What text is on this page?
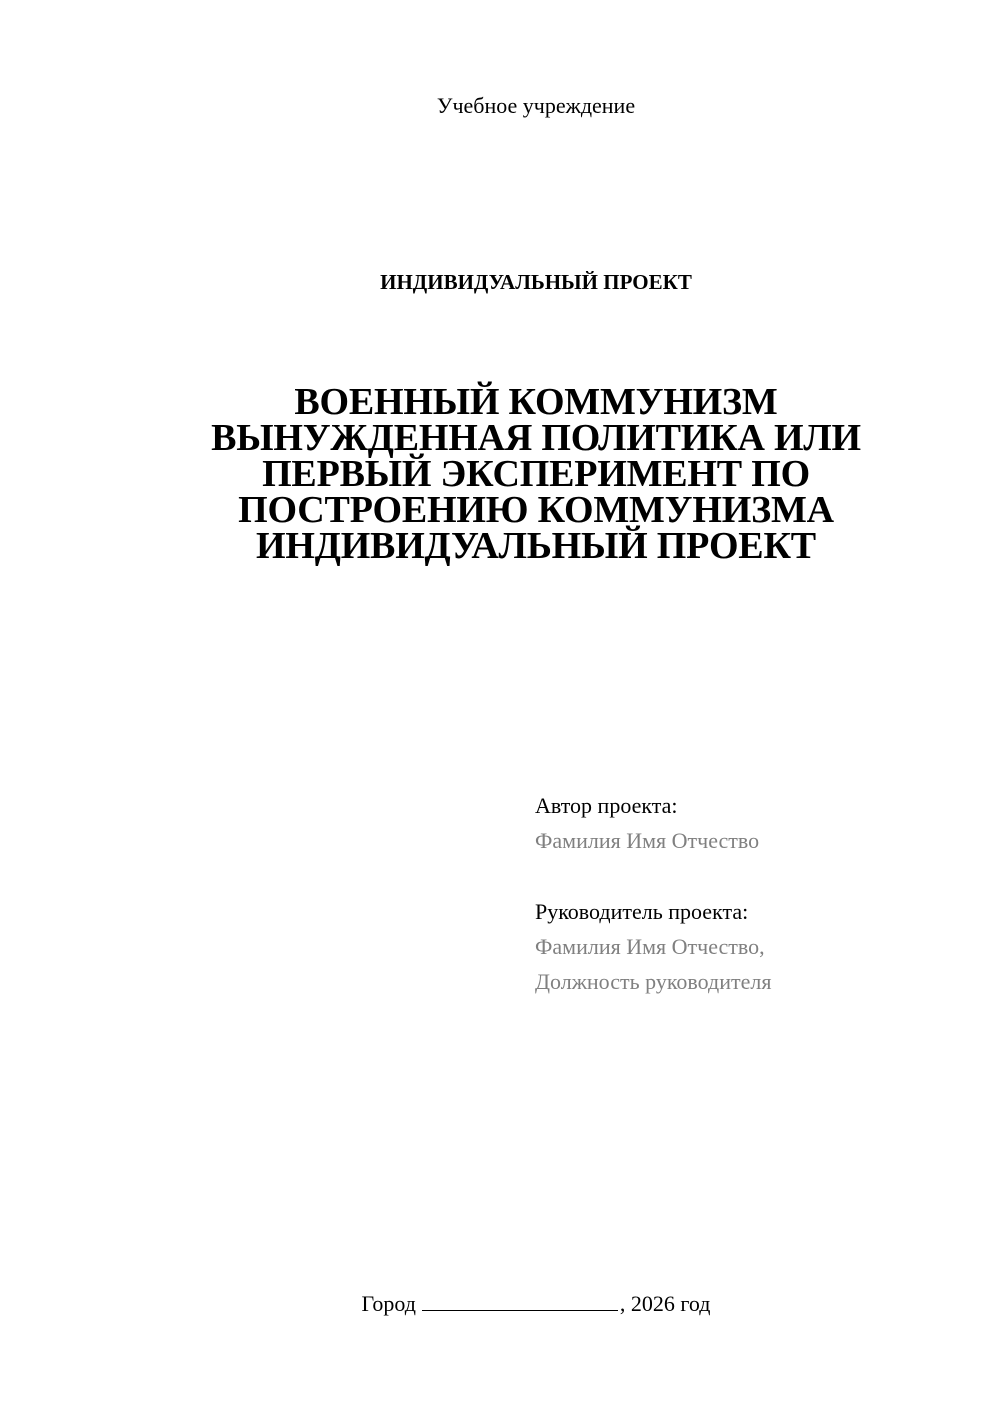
Учебное учреждение
ИНДИВИДУАЛЬНЫЙ ПРОЕКТ
ВОЕННЫЙ КОММУНИЗМ
ВЫНУЖДЕННАЯ ПОЛИТИКА ИЛИ
ПЕРВЫЙ ЭКСПЕРИМЕНТ ПО
ПОСТРОЕНИЮ КОММУНИЗМА
ИНДИВИДУАЛЬНЫЙ ПРОЕКТ
Автор проекта:
Фамилия Имя Отчество
Руководитель проекта:
Фамилия Имя Отчество,
Должность руководителя
Город	, 2026 год
